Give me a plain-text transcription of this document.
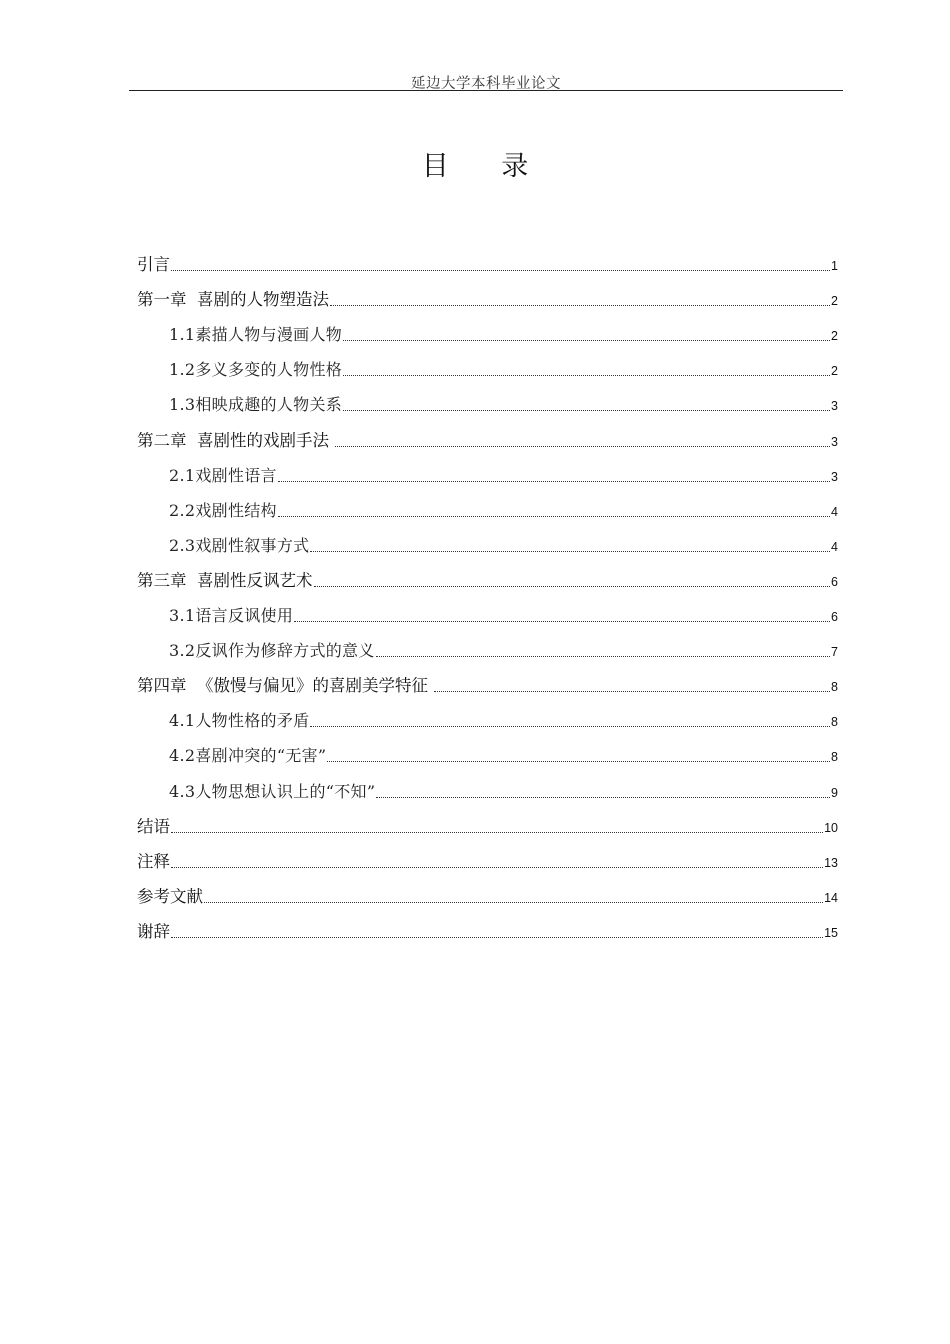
延边大学本科毕业论文
目 录
引言	1
第一章  喜剧的人物塑造法	2
1.1素描人物与漫画人物	2
1.2多义多变的人物性格	2
1.3相映成趣的人物关系	3
第二章  喜剧性的戏剧手法	3
2.1戏剧性语言	3
2.2戏剧性结构	4
2.3戏剧性叙事方式	4
第三章  喜剧性反讽艺术	6
3.1语言反讽使用	6
3.2反讽作为修辞方式的意义	7
第四章  《傲慢与偏见》的喜剧美学特征	8
4.1人物性格的矛盾	8
4.2喜剧冲突的“无害”	8
4.3人物思想认识上的“不知”	9
结语	10
注释	13
参考文献	14
谢辞	15
